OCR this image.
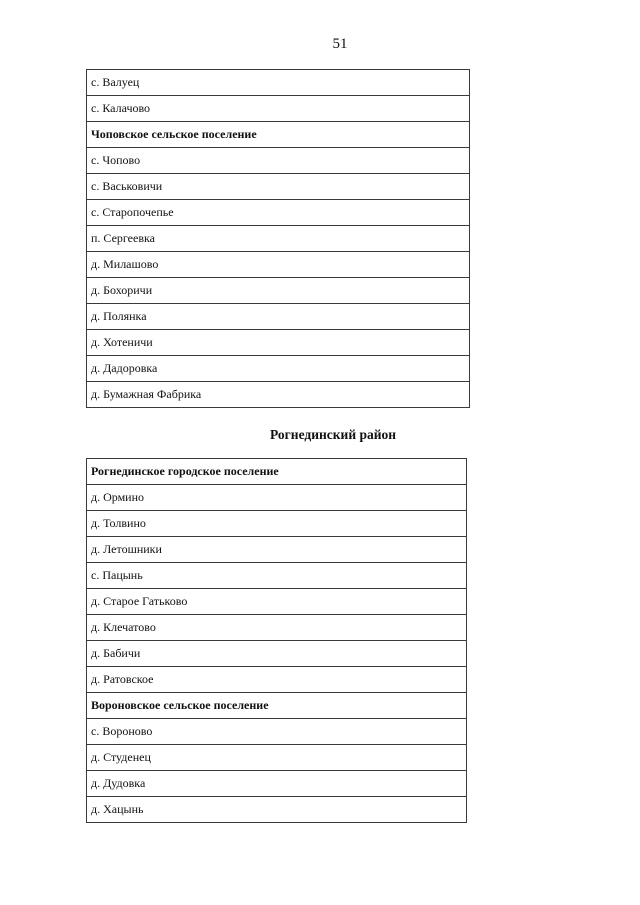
51
с. Валуец
с. Калачово
Чоповское сельское поселение
с. Чопово
с. Васьковичи
с. Старопочепье
п. Сергеевка
д. Милашово
д. Бохоричи
д. Полянка
д. Хотеничи
д. Дадоровка
д. Бумажная Фабрика
Рогнединский район
Рогнединское городское поселение
д. Ормино
д. Толвино
д. Летошники
с. Пацынь
д. Старое Гатьково
д. Клечатово
д. Бабичи
д. Ратовское
Вороновское сельское поселение
с. Вороново
д. Студенец
д. Дудовка
д. Хацынь
